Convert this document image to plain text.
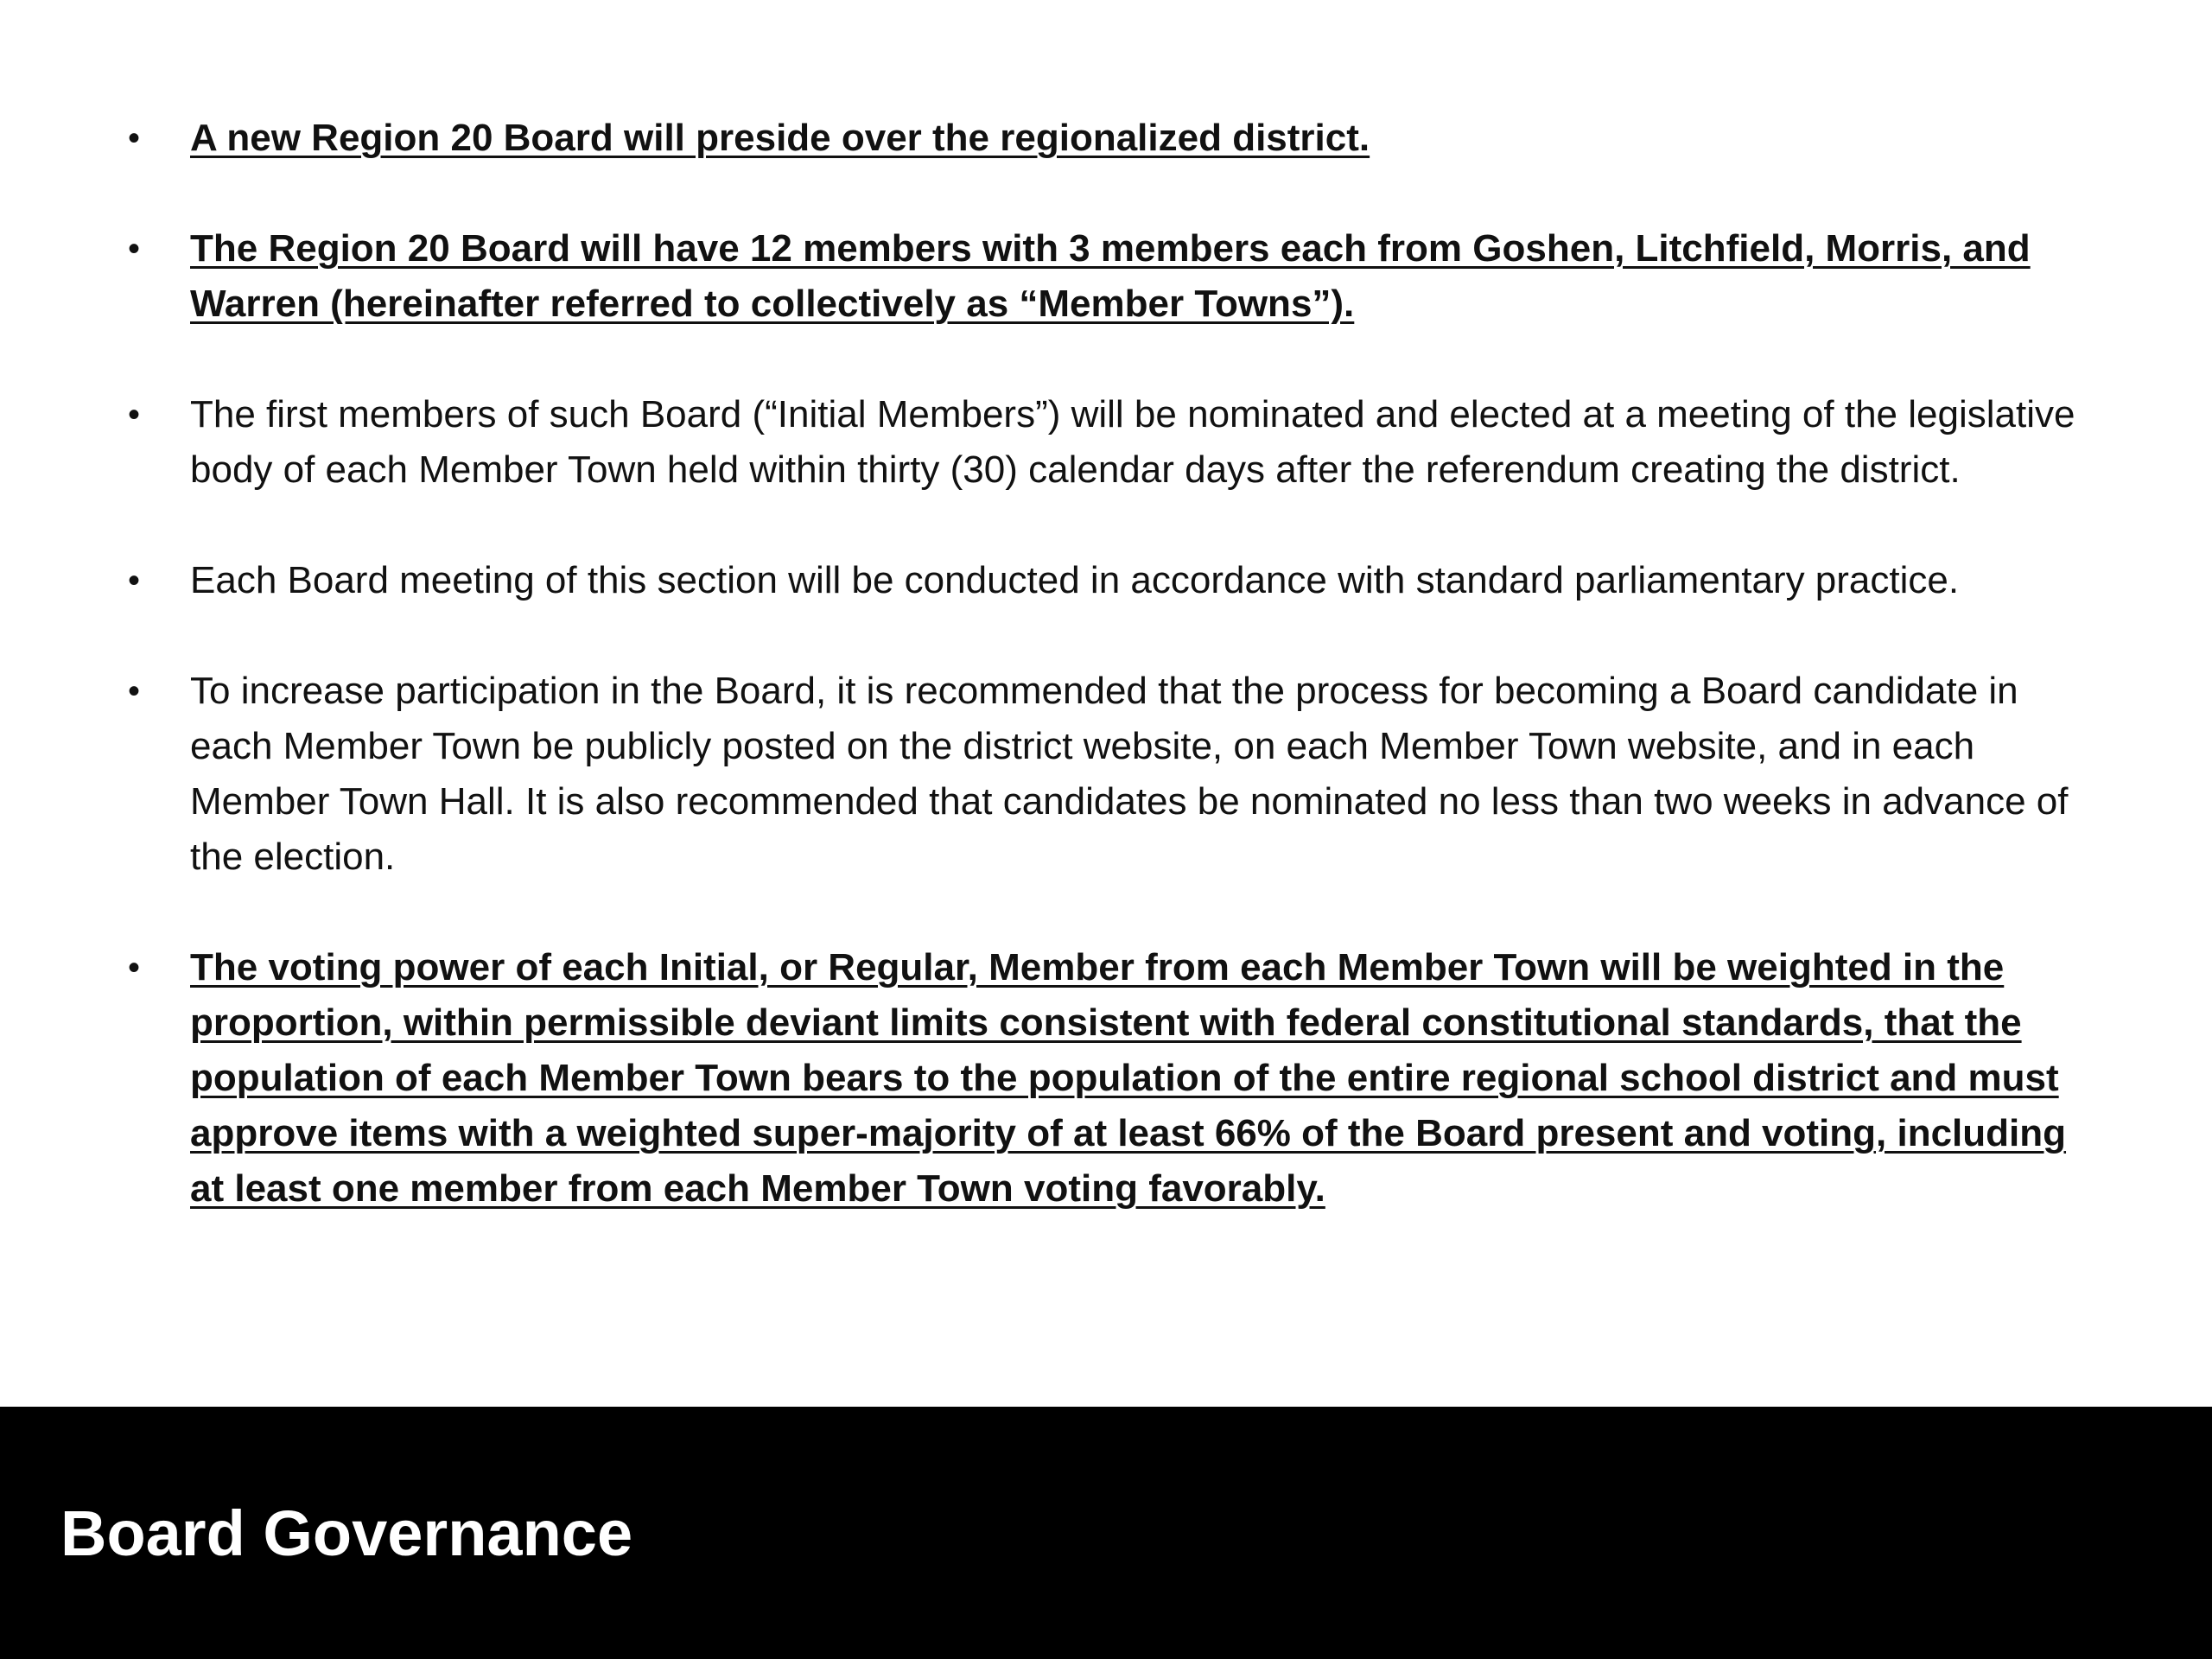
• A new Region 20 Board will preside over the regionalized district.
• The Region 20 Board will have 12 members with 3 members each from Goshen, Litchfield, Morris, and Warren (hereinafter referred to collectively as “Member Towns”).
• The first members of such Board (“Initial Members”) will be nominated and elected at a meeting of the legislative body of each Member Town held within thirty (30) calendar days after the referendum creating the district.
• Each Board meeting of this section will be conducted in accordance with standard parliamentary practice.
• To increase participation in the Board, it is recommended that the process for becoming a Board candidate in each Member Town be publicly posted on the district website, on each Member Town website, and in each Member Town Hall. It is also recommended that candidates be nominated no less than two weeks in advance of the election.
• The voting power of each Initial, or Regular, Member from each Member Town will be weighted in the proportion, within permissible deviant limits consistent with federal constitutional standards, that the population of each Member Town bears to the population of the entire regional school district and must approve items with a weighted super-majority of at least 66% of the Board present and voting, including at least one member from each Member Town voting favorably.
Board Governance
